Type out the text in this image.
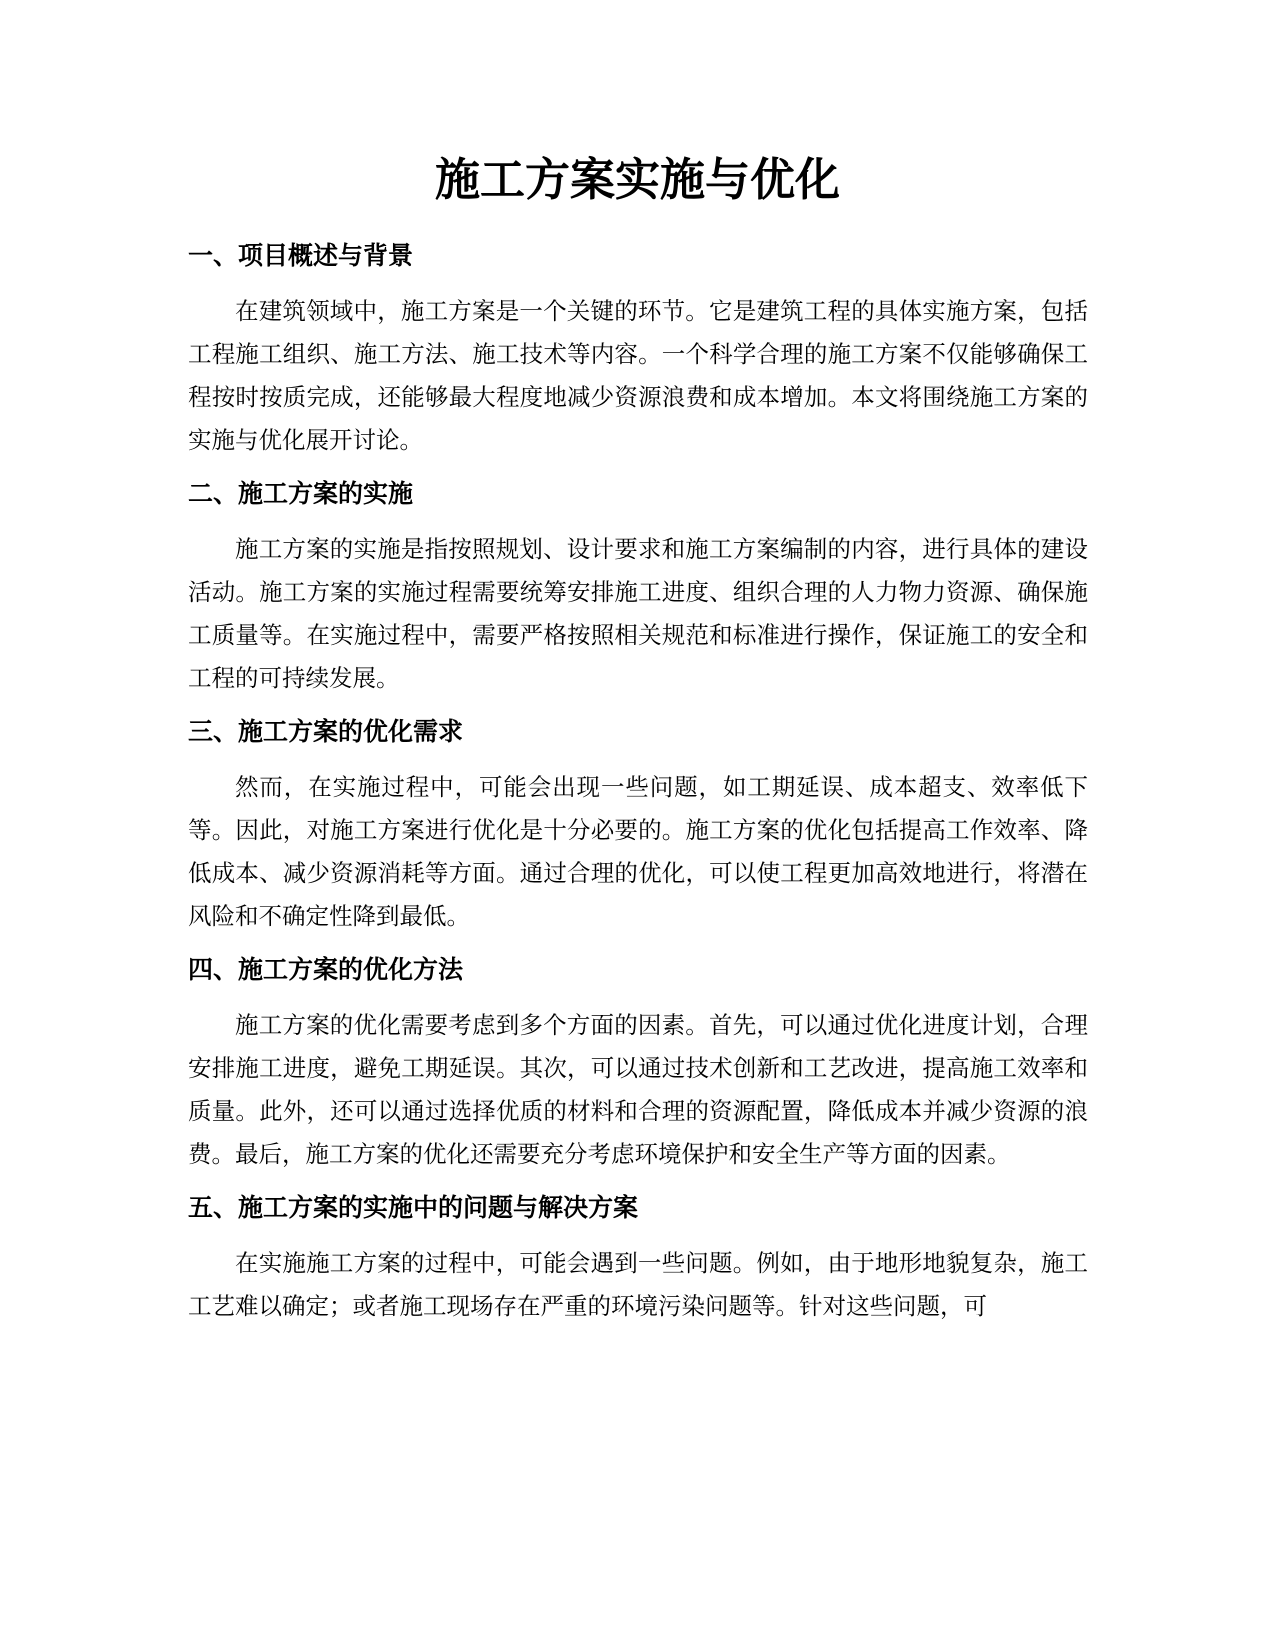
施工方案实施与优化
一、项目概述与背景

在建筑领域中，施工方案是一个关键的环节。它是建筑工程的具体实施方案，包括工程施工组织、施工方法、施工技术等内容。一个科学合理的施工方案不仅能够确保工程按时按质完成，还能够最大程度地减少资源浪费和成本增加。本文将围绕施工方案的实施与优化展开讨论。

二、施工方案的实施

施工方案的实施是指按照规划、设计要求和施工方案编制的内容，进行具体的建设活动。施工方案的实施过程需要统筹安排施工进度、组织合理的人力物力资源、确保施工质量等。在实施过程中，需要严格按照相关规范和标准进行操作，保证施工的安全和工程的可持续发展。

三、施工方案的优化需求

然而，在实施过程中，可能会出现一些问题，如工期延误、成本超支、效率低下等。因此，对施工方案进行优化是十分必要的。施工方案的优化包括提高工作效率、降低成本、减少资源消耗等方面。通过合理的优化，可以使工程更加高效地进行，将潜在风险和不确定性降到最低。

四、施工方案的优化方法

施工方案的优化需要考虑到多个方面的因素。首先，可以通过优化进度计划，合理安排施工进度，避免工期延误。其次，可以通过技术创新和工艺改进，提高施工效率和质量。此外，还可以通过选择优质的材料和合理的资源配置，降低成本并减少资源的浪费。最后，施工方案的优化还需要充分考虑环境保护和安全生产等方面的因素。

五、施工方案的实施中的问题与解决方案

在实施施工方案的过程中，可能会遇到一些问题。例如，由于地形地貌复杂，施工工艺难以确定；或者施工现场存在严重的环境污染问题等。针对这些问题，可
